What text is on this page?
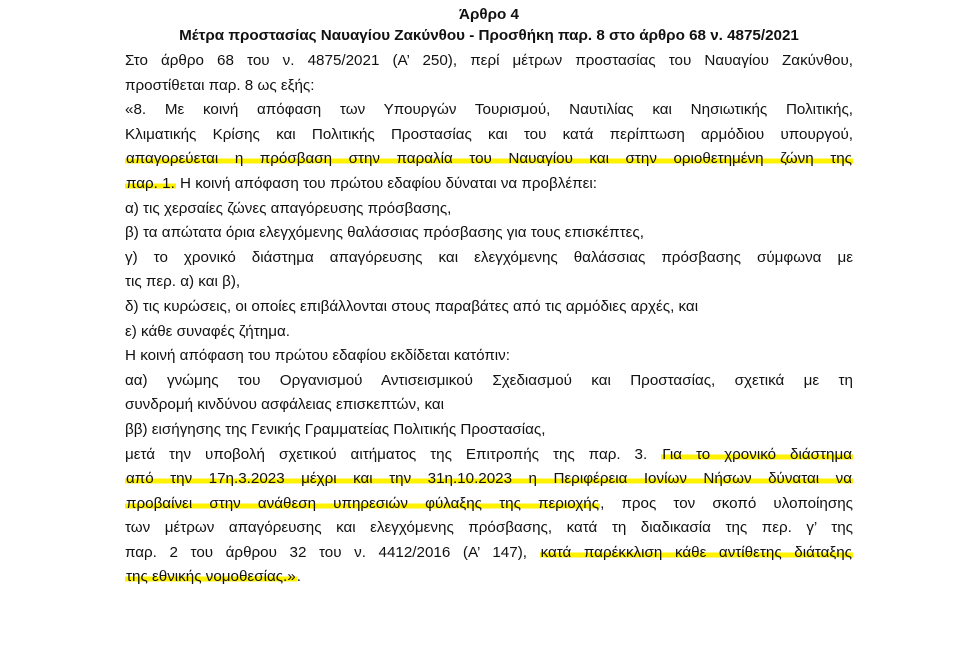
Άρθρο 4
Μέτρα προστασίας Ναυαγίου Ζακύνθου - Προσθήκη παρ. 8 στο άρθρο 68 ν. 4875/2021
Στο άρθρο 68 του ν. 4875/2021 (Α’ 250), περί μέτρων προστασίας του Ναυαγίου Ζακύνθου,
προστίθεται παρ. 8 ως εξής:
«8. Με κοινή απόφαση των Υπουργών Τουρισμού, Ναυτιλίας και Νησιωτικής Πολιτικής,
Κλιματικής Κρίσης και Πολιτικής Προστασίας και του κατά περίπτωση αρμόδιου υπουργού,
απαγορεύεται η πρόσβαση στην παραλία του Ναυαγίου και στην οριοθετημένη ζώνη της
παρ. 1. Η κοινή απόφαση του πρώτου εδαφίου δύναται να προβλέπει:
α) τις χερσαίες ζώνες απαγόρευσης πρόσβασης,
β) τα απώτατα όρια ελεγχόμενης θαλάσσιας πρόσβασης για τους επισκέπτες,
γ) το χρονικό διάστημα απαγόρευσης και ελεγχόμενης θαλάσσιας πρόσβασης σύμφωνα με
τις περ. α) και β),
δ) τις κυρώσεις, οι οποίες επιβάλλονται στους παραβάτες από τις αρμόδιες αρχές, και
ε) κάθε συναφές ζήτημα.
Η κοινή απόφαση του πρώτου εδαφίου εκδίδεται κατόπιν:
αα) γνώμης του Οργανισμού Αντισεισμικού Σχεδιασμού και Προστασίας, σχετικά με τη
συνδρομή κινδύνου ασφάλειας επισκεπτών, και
ββ) εισήγησης της Γενικής Γραμματείας Πολιτικής Προστασίας,
μετά την υποβολή σχετικού αιτήματος της Επιτροπής της παρ. 3. Για το χρονικό διάστημα
από την 17η.3.2023 μέχρι και την 31η.10.2023 η Περιφέρεια Ιονίων Νήσων δύναται να
προβαίνει στην ανάθεση υπηρεσιών φύλαξης της περιοχής, προς τον σκοπό υλοποίησης
των μέτρων απαγόρευσης και ελεγχόμενης πρόσβασης, κατά τη διαδικασία της περ. γ’ της
παρ. 2 του άρθρου 32 του ν. 4412/2016 (Α’ 147), κατά παρέκκλιση κάθε αντίθετης διάταξης
της εθνικής νομοθεσίας.».
